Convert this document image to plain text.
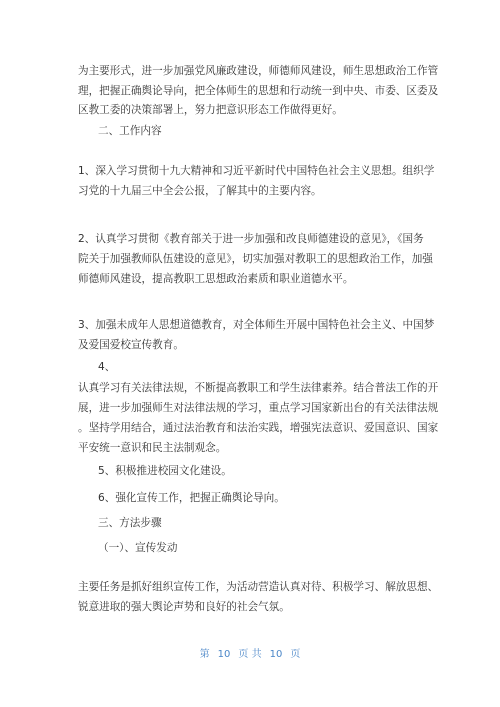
为主要形式，进一步加强党风廉政建设，师德师风建设，师生思想政治工作管
理，把握正确舆论导向，把全体师生的思想和行动统一到中央、市委、区委及
区教工委的决策部署上，努力把意识形态工作做得更好。
二、工作内容
1、深入学习贯彻十九大精神和习近平新时代中国特色社会主义思想。组织学
习党的十九届三中全会公报，了解其中的主要内容。
2、认真学习贯彻《教育部关于进一步加强和改良师德建设的意见》，《国务
院关于加强教师队伍建设的意见》，切实加强对教职工的思想政治工作，加强
师德师风建设，提高教职工思想政治素质和职业道德水平。
3、加强未成年人思想道德教育，对全体师生开展中国特色社会主义、中国梦
及爱国爱校宣传教育。
4、
认真学习有关法律法规，不断提高教职工和学生法律素养。结合普法工作的开
展，进一步加强师生对法律法规的学习，重点学习国家新出台的有关法律法规
。坚持学用结合，通过法治教育和法治实践，增强宪法意识、爱国意识、国家
平安统一意识和民主法制观念。
5、积极推进校园文化建设。
6、强化宣传工作，把握正确舆论导向。
三、方法步骤
（一）、宣传发动
主要任务是抓好组织宣传工作，为活动营造认真对待、积极学习、解放思想、
锐意进取的强大舆论声势和良好的社会气氛。
第 10 页 共 10 页
